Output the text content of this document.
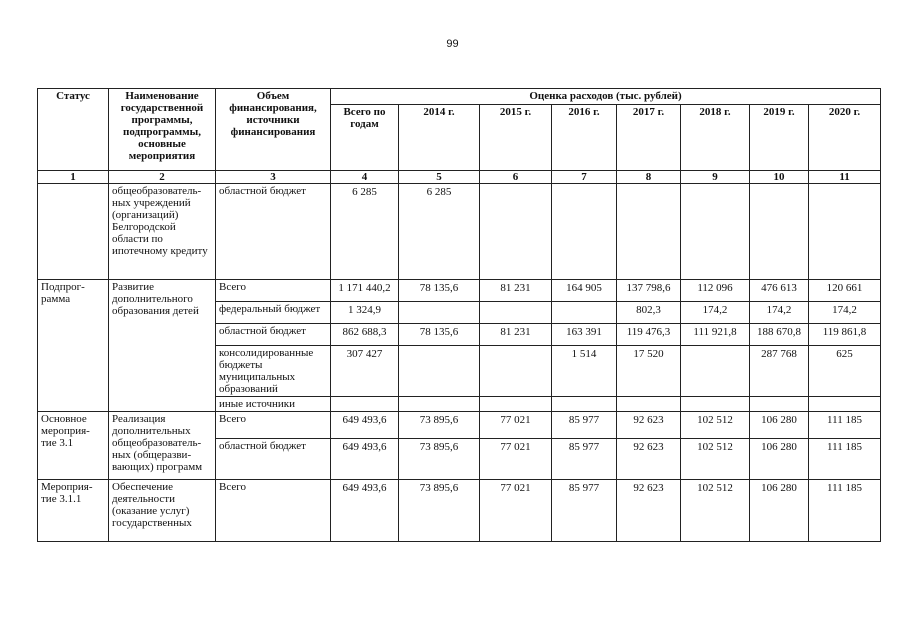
99
Статус	Наименование государственной программы, подпрограммы, основные мероприятия	Объем финансирования, источники финансирования	Оценка расходов (тыс. рублей)							
			Всего по годам	2014 г.	2015 г.	2016 г.	2017 г.	2018 г.	2019 г.	2020 г.
1	2	3	4	5	6	7	8	9	10	11
	общеобразователь-ных учреждений (организаций) Белгородской области по ипотечному кредиту	областной бюджет	6 285	6 285						
Подпрог-рамма	Развитие дополнительного образования детей	Всего	1 171 440,2	78 135,6	81 231	164 905	137 798,6	112 096	476 613	120 661
		федеральный бюджет	1 324,9				802,3	174,2	174,2	174,2
		областной бюджет	862 688,3	78 135,6	81 231	163 391	119 476,3	111 921,8	188 670,8	119 861,8
		консолидированные бюджеты муниципальных образований	307 427			1 514	17 520		287 768	625
		иные источники								
Основное мероприя-тие 3.1	Реализация дополнительных общеобразователь-ных (общеразви-вающих) программ	Всего	649 493,6	73 895,6	77 021	85 977	92 623	102 512	106 280	111 185
		областной бюджет	649 493,6	73 895,6	77 021	85 977	92 623	102 512	106 280	111 185
Мероприя-тие 3.1.1	Обеспечение деятельности (оказание услуг) государственных	Всего	649 493,6	73 895,6	77 021	85 977	92 623	102 512	106 280	111 185
